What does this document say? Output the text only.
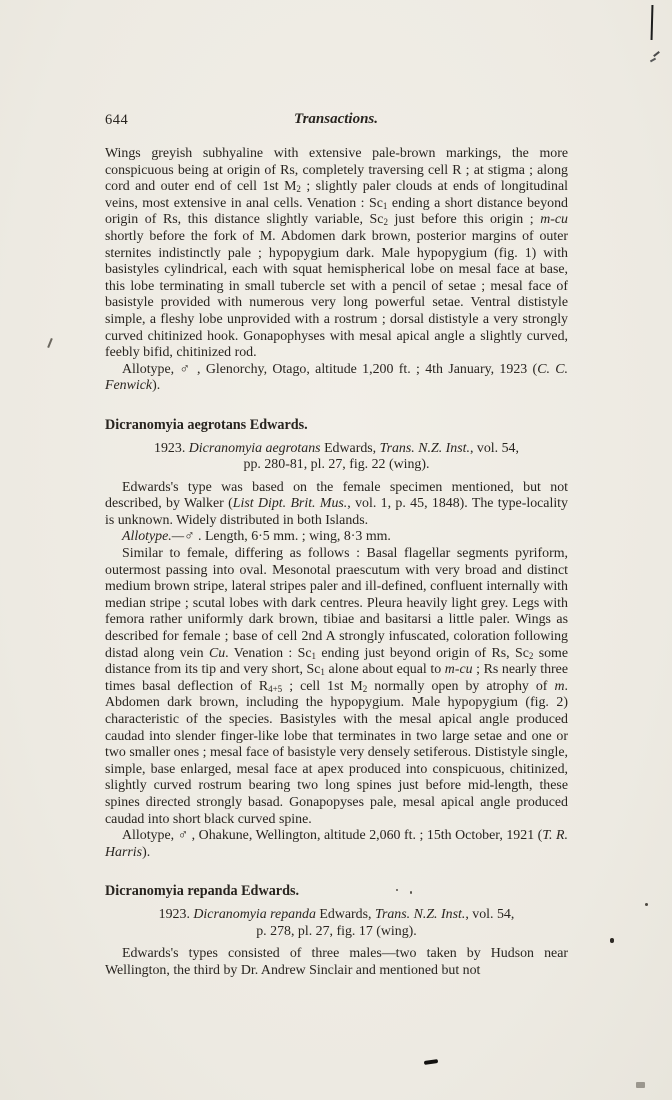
644	Transactions.

Wings greyish subhyaline with extensive pale-brown markings, the more conspicuous being at origin of Rs, completely traversing cell R ; at stigma ; along cord and outer end of cell 1st $M_2$ ; slightly paler clouds at ends of longitudinal veins, most extensive in anal cells. Venation : $Sc_1$ ending a short distance beyond origin of Rs, this distance slightly variable, $Sc_2$ just before this origin ; m-cu shortly before the fork of M. Abdomen dark brown, posterior margins of outer sternites indistinctly pale ; hypopygium dark. Male hypopygium (fig. 1) with basistyles cylindrical, each with squat hemispherical lobe on mesal face at base, this lobe terminating in small tubercle set with a pencil of setae ; mesal face of basistyle provided with numerous very long powerful setae. Ventral dististyle simple, a fleshy lobe unprovided with a rostrum ; dorsal dististyle a very strongly curved chitinized hook. Gonapophyses with mesal apical angle a slightly curved, feebly bifid, chitinized rod.

Allotype, ♂ , Glenorchy, Otago, altitude 1,200 ft. ; 4th January, 1923 (C. C. Fenwick).

Dicranomyia aegrotans Edwards.

1923. Dicranomyia aegrotans Edwards, Trans. N.Z. Inst., vol. 54,
pp. 280-81, pl. 27, fig. 22 (wing).

Edwards's type was based on the female specimen mentioned, but not described, by Walker (List Dipt. Brit. Mus., vol. 1, p. 45, 1848). The type-locality is unknown. Widely distributed in both Islands.

Allotype.—♂ . Length, 6·5 mm. ; wing, 8·3 mm.

Similar to female, differing as follows : Basal flagellar segments pyriform, outermost passing into oval. Mesonotal praescutum with very broad and distinct medium brown stripe, lateral stripes paler and ill-defined, confluent internally with median stripe ; scutal lobes with dark centres. Pleura heavily light grey. Legs with femora rather uniformly dark brown, tibiae and basitarsi a little paler. Wings as described for female ; base of cell 2nd A strongly infuscated, coloration following distad along vein Cu. Venation : $Sc_1$ ending just beyond origin of Rs, $Sc_2$ some distance from its tip and very short, $Sc_1$ alone about equal to m-cu ; Rs nearly three times basal deflection of $R_{4+5}$ ; cell 1st $M_2$ normally open by atrophy of m. Abdomen dark brown, including the hypopygium. Male hypopygium (fig. 2) characteristic of the species. Basistyles with the mesal apical angle produced caudad into slender finger-like lobe that terminates in two large setae and one or two smaller ones ; mesal face of basistyle very densely setiferous. Dististyle single, simple, base enlarged, mesal face at apex produced into conspicuous, chitinized, slightly curved rostrum bearing two long spines just before mid-length, these spines directed strongly basad. Gonapopyses pale, mesal apical angle produced caudad into short black curved spine.

Allotype, ♂ , Ohakune, Wellington, altitude 2,060 ft. ; 15th October, 1921 (T. R. Harris).

Dicranomyia repanda Edwards.

1923. Dicranomyia repanda Edwards, Trans. N.Z. Inst., vol. 54,
p. 278, pl. 27, fig. 17 (wing).

Edwards's types consisted of three males—two taken by Hudson near Wellington, the third by Dr. Andrew Sinclair and mentioned but not
